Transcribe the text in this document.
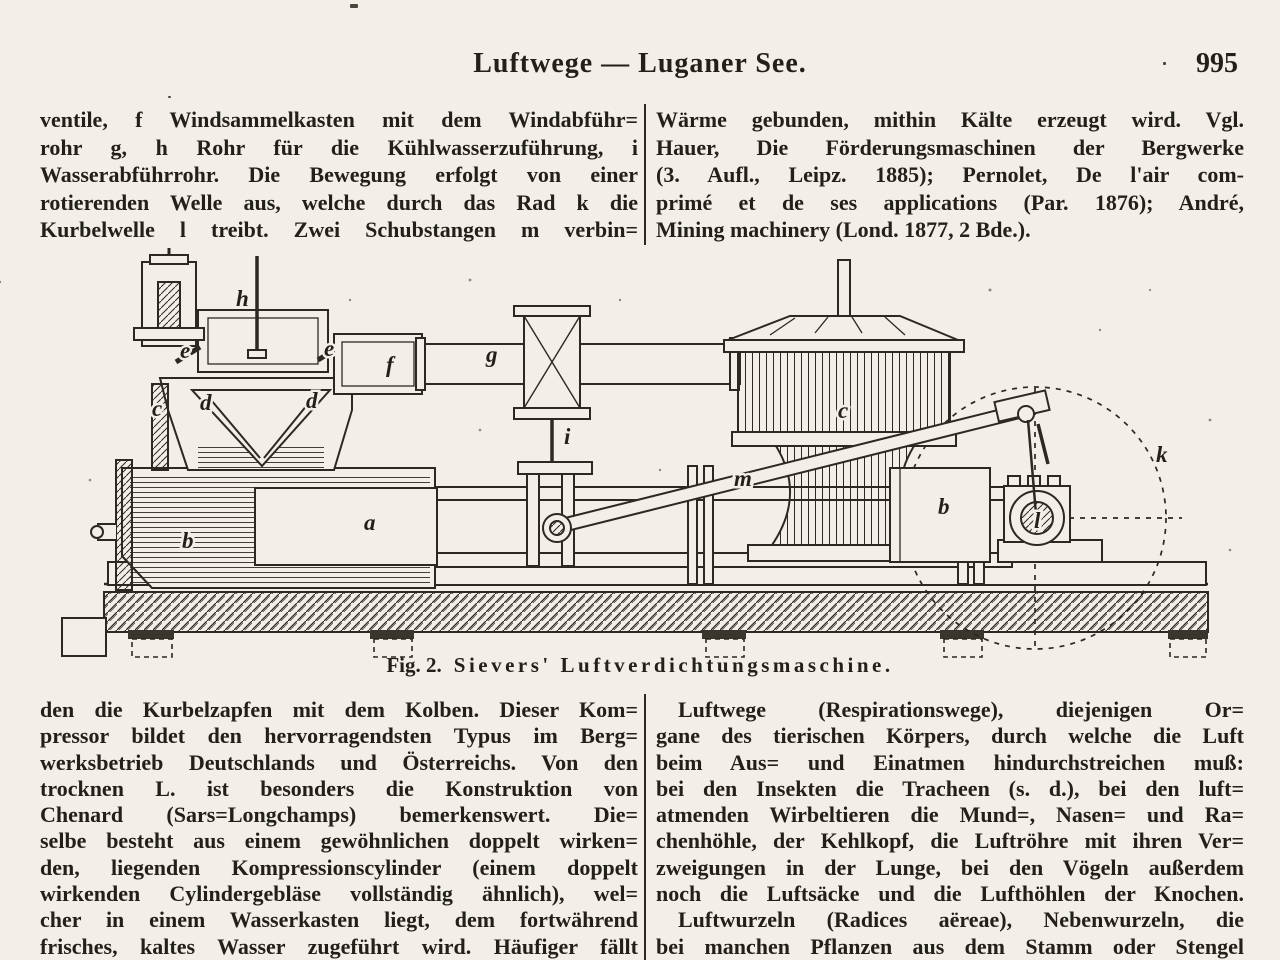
Luftwege — Luganer See.	995
ventile, f Windsammelkasten mit dem Windabführ=
rohr g, h Rohr für die Kühlwasserzuführung, i
Wasserabführrohr. Die Bewegung erfolgt von einer
rotierenden Welle aus, welche durch das Rad k die
Kurbelwelle l treibt. Zwei Schubstangen m verbin=
Wärme gebunden, mithin Kälte erzeugt wird. Vgl.
Hauer, Die Förderungsmaschinen der Bergwerke
(3. Aufl., Leipz. 1885); Pernolet, De l'air com-
primé et de ses applications (Par. 1876); André,
Mining machinery (Lond. 1877, 2 Bde.).
h
e	e
f	g
c d	d
i
c
a
b
m
b
l
k
Fig. 2. Sievers' Luftverdichtungsmaschine.
den die Kurbelzapfen mit dem Kolben. Dieser Kom=
pressor bildet den hervorragendsten Typus im Berg=
werksbetrieb Deutschlands und Österreichs. Von den
trocknen L. ist besonders die Konstruktion von
Chenard (Sars=Longchamps) bemerkenswert. Die=
selbe besteht aus einem gewöhnlichen doppelt wirken=
den, liegenden Kompressionscylinder (einem doppelt
wirkenden Cylindergebläse vollständig ähnlich), wel=
cher in einem Wasserkasten liegt, dem fortwährend
frisches, kaltes Wasser zugeführt wird. Häufiger fällt
Luftwege (Respirationswege), diejenigen Or=
gane des tierischen Körpers, durch welche die Luft
beim Aus= und Einatmen hindurchstreichen muß:
bei den Insekten die Tracheen (s. d.), bei den luft=
atmenden Wirbeltieren die Mund=, Nasen= und Ra=
chenhöhle, der Kehlkopf, die Luftröhre mit ihren Ver=
zweigungen in der Lunge, bei den Vögeln außerdem
noch die Luftsäcke und die Lufthöhlen der Knochen.
Luftwurzeln (Radices aëreae), Nebenwurzeln, die
bei manchen Pflanzen aus dem Stamm oder Stengel
